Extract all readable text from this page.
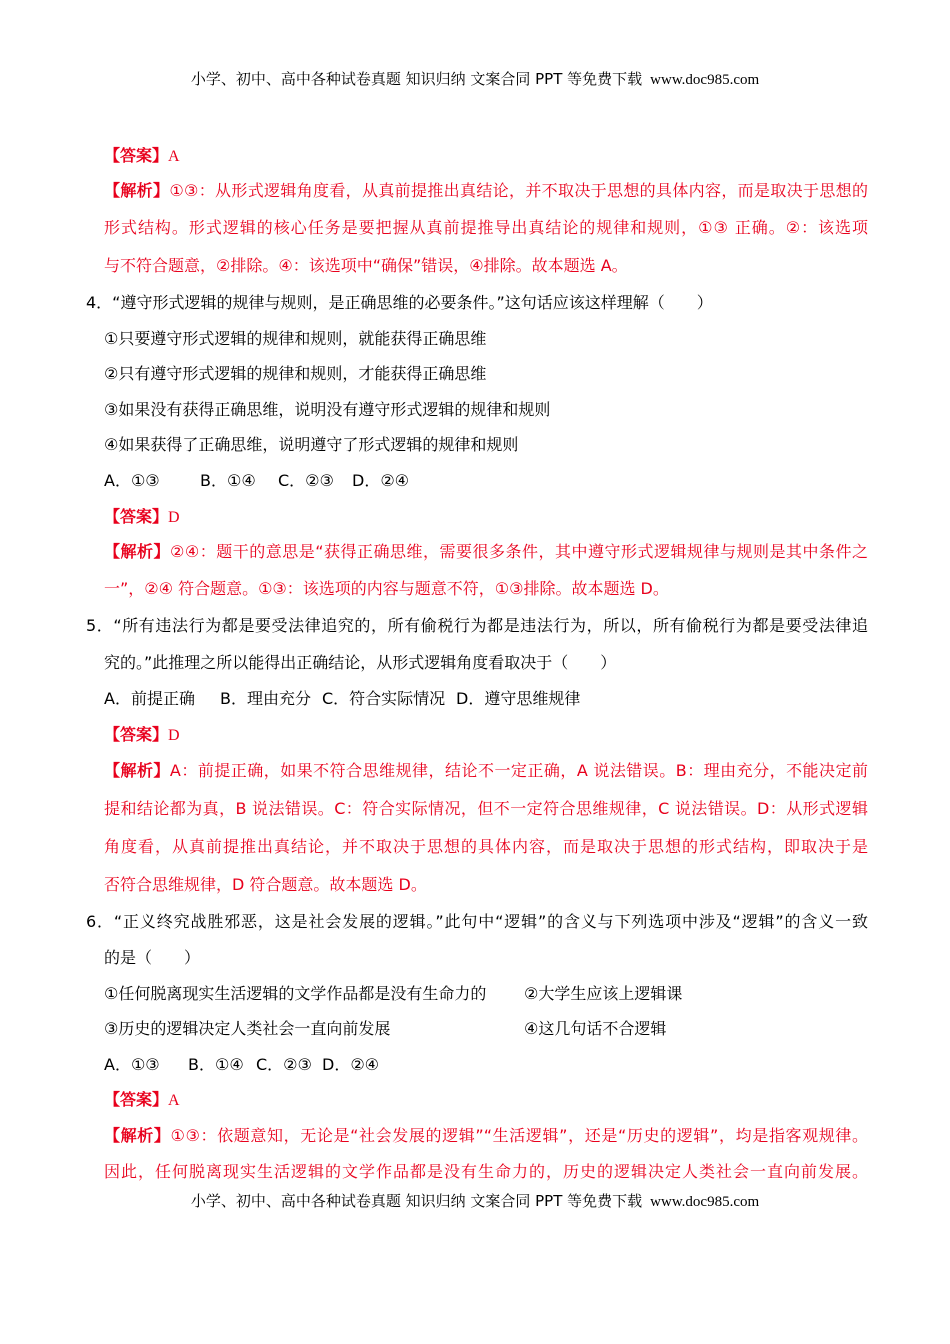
小学、初中、高中各种试卷真题 知识归纳 文案合同 PPT 等免费下载 www.doc985.com
【答案】A
【解析】①③：从形式逻辑角度看，从真前提推出真结论，并不取决于思想的具体内容，而是取决于思想的
形式结构。形式逻辑的核心任务是要把握从真前提推导出真结论的规律和规则，①③ 正确。②：该选项
与不符合题意，②排除。④：该选项中“确保”错误，④排除。故本题选 A。
4．“遵守形式逻辑的规律与规则，是正确思维的必要条件。”这句话应该这样理解（　　）
①只要遵守形式逻辑的规律和规则，就能获得正确思维
②只有遵守形式逻辑的规律和规则，才能获得正确思维
③如果没有获得正确思维，说明没有遵守形式逻辑的规律和规则
④如果获得了正确思维，说明遵守了形式逻辑的规律和规则
A．①③	B．①④ C．②③ D．②④
【答案】D
【解析】②④：题干的意思是“获得正确思维，需要很多条件，其中遵守形式逻辑规律与规则是其中条件之
一”，②④ 符合题意。①③：该选项的内容与题意不符，①③排除。故本题选 D。
5．“所有违法行为都是要受法律追究的，所有偷税行为都是违法行为，所以，所有偷税行为都是要受法律追
究的。”此推理之所以能得出正确结论，从形式逻辑角度看取决于（　　）
A．前提正确 B．理由充分 C．符合实际情况 D．遵守思维规律
【答案】D
【解析】A：前提正确，如果不符合思维规律，结论不一定正确，A 说法错误。B：理由充分，不能决定前
提和结论都为真，B 说法错误。C：符合实际情况，但不一定符合思维规律，C 说法错误。D：从形式逻辑
角度看，从真前提推出真结论，并不取决于思想的具体内容，而是取决于思想的形式结构，即取决于是
否符合思维规律，D 符合题意。故本题选 D。
6．“正义终究战胜邪恶，这是社会发展的逻辑。”此句中“逻辑”的含义与下列选项中涉及“逻辑”的含义一致
的是（　　）
①任何脱离现实生活逻辑的文学作品都是没有生命力的 ②大学生应该上逻辑课
③历史的逻辑决定人类社会一直向前发展	④这几句话不合逻辑
A．①③ B．①④ C．②③ D．②④
【答案】A
【解析】①③：依题意知，无论是“社会发展的逻辑”“生活逻辑”，还是“历史的逻辑”，均是指客观规律。
因此，任何脱离现实生活逻辑的文学作品都是没有生命力的，历史的逻辑决定人类社会一直向前发展。
小学、初中、高中各种试卷真题 知识归纳 文案合同 PPT 等免费下载 www.doc985.com
